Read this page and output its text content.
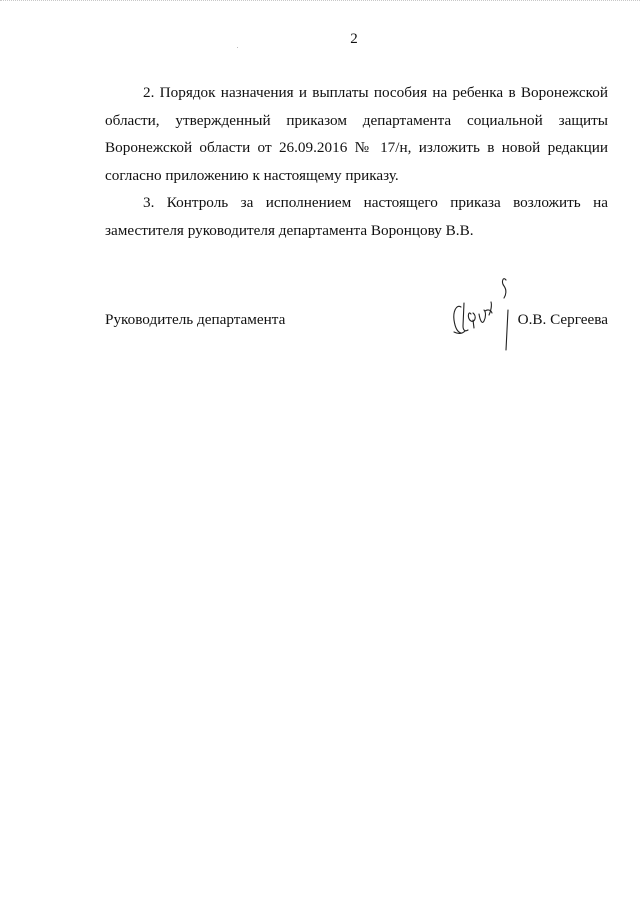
2

2. Порядок назначения и выплаты пособия на ребенка в Воронежской области, утвержденный приказом департамента социальной защиты Воронежской области от 26.09.2016 № 17/н, изложить в новой редакции согласно приложению к настоящему приказу.

3. Контроль за исполнением настоящего приказа возложить на заместителя руководителя департамента Воронцову В.В.

Руководитель департамента	О.В. Сергеева
